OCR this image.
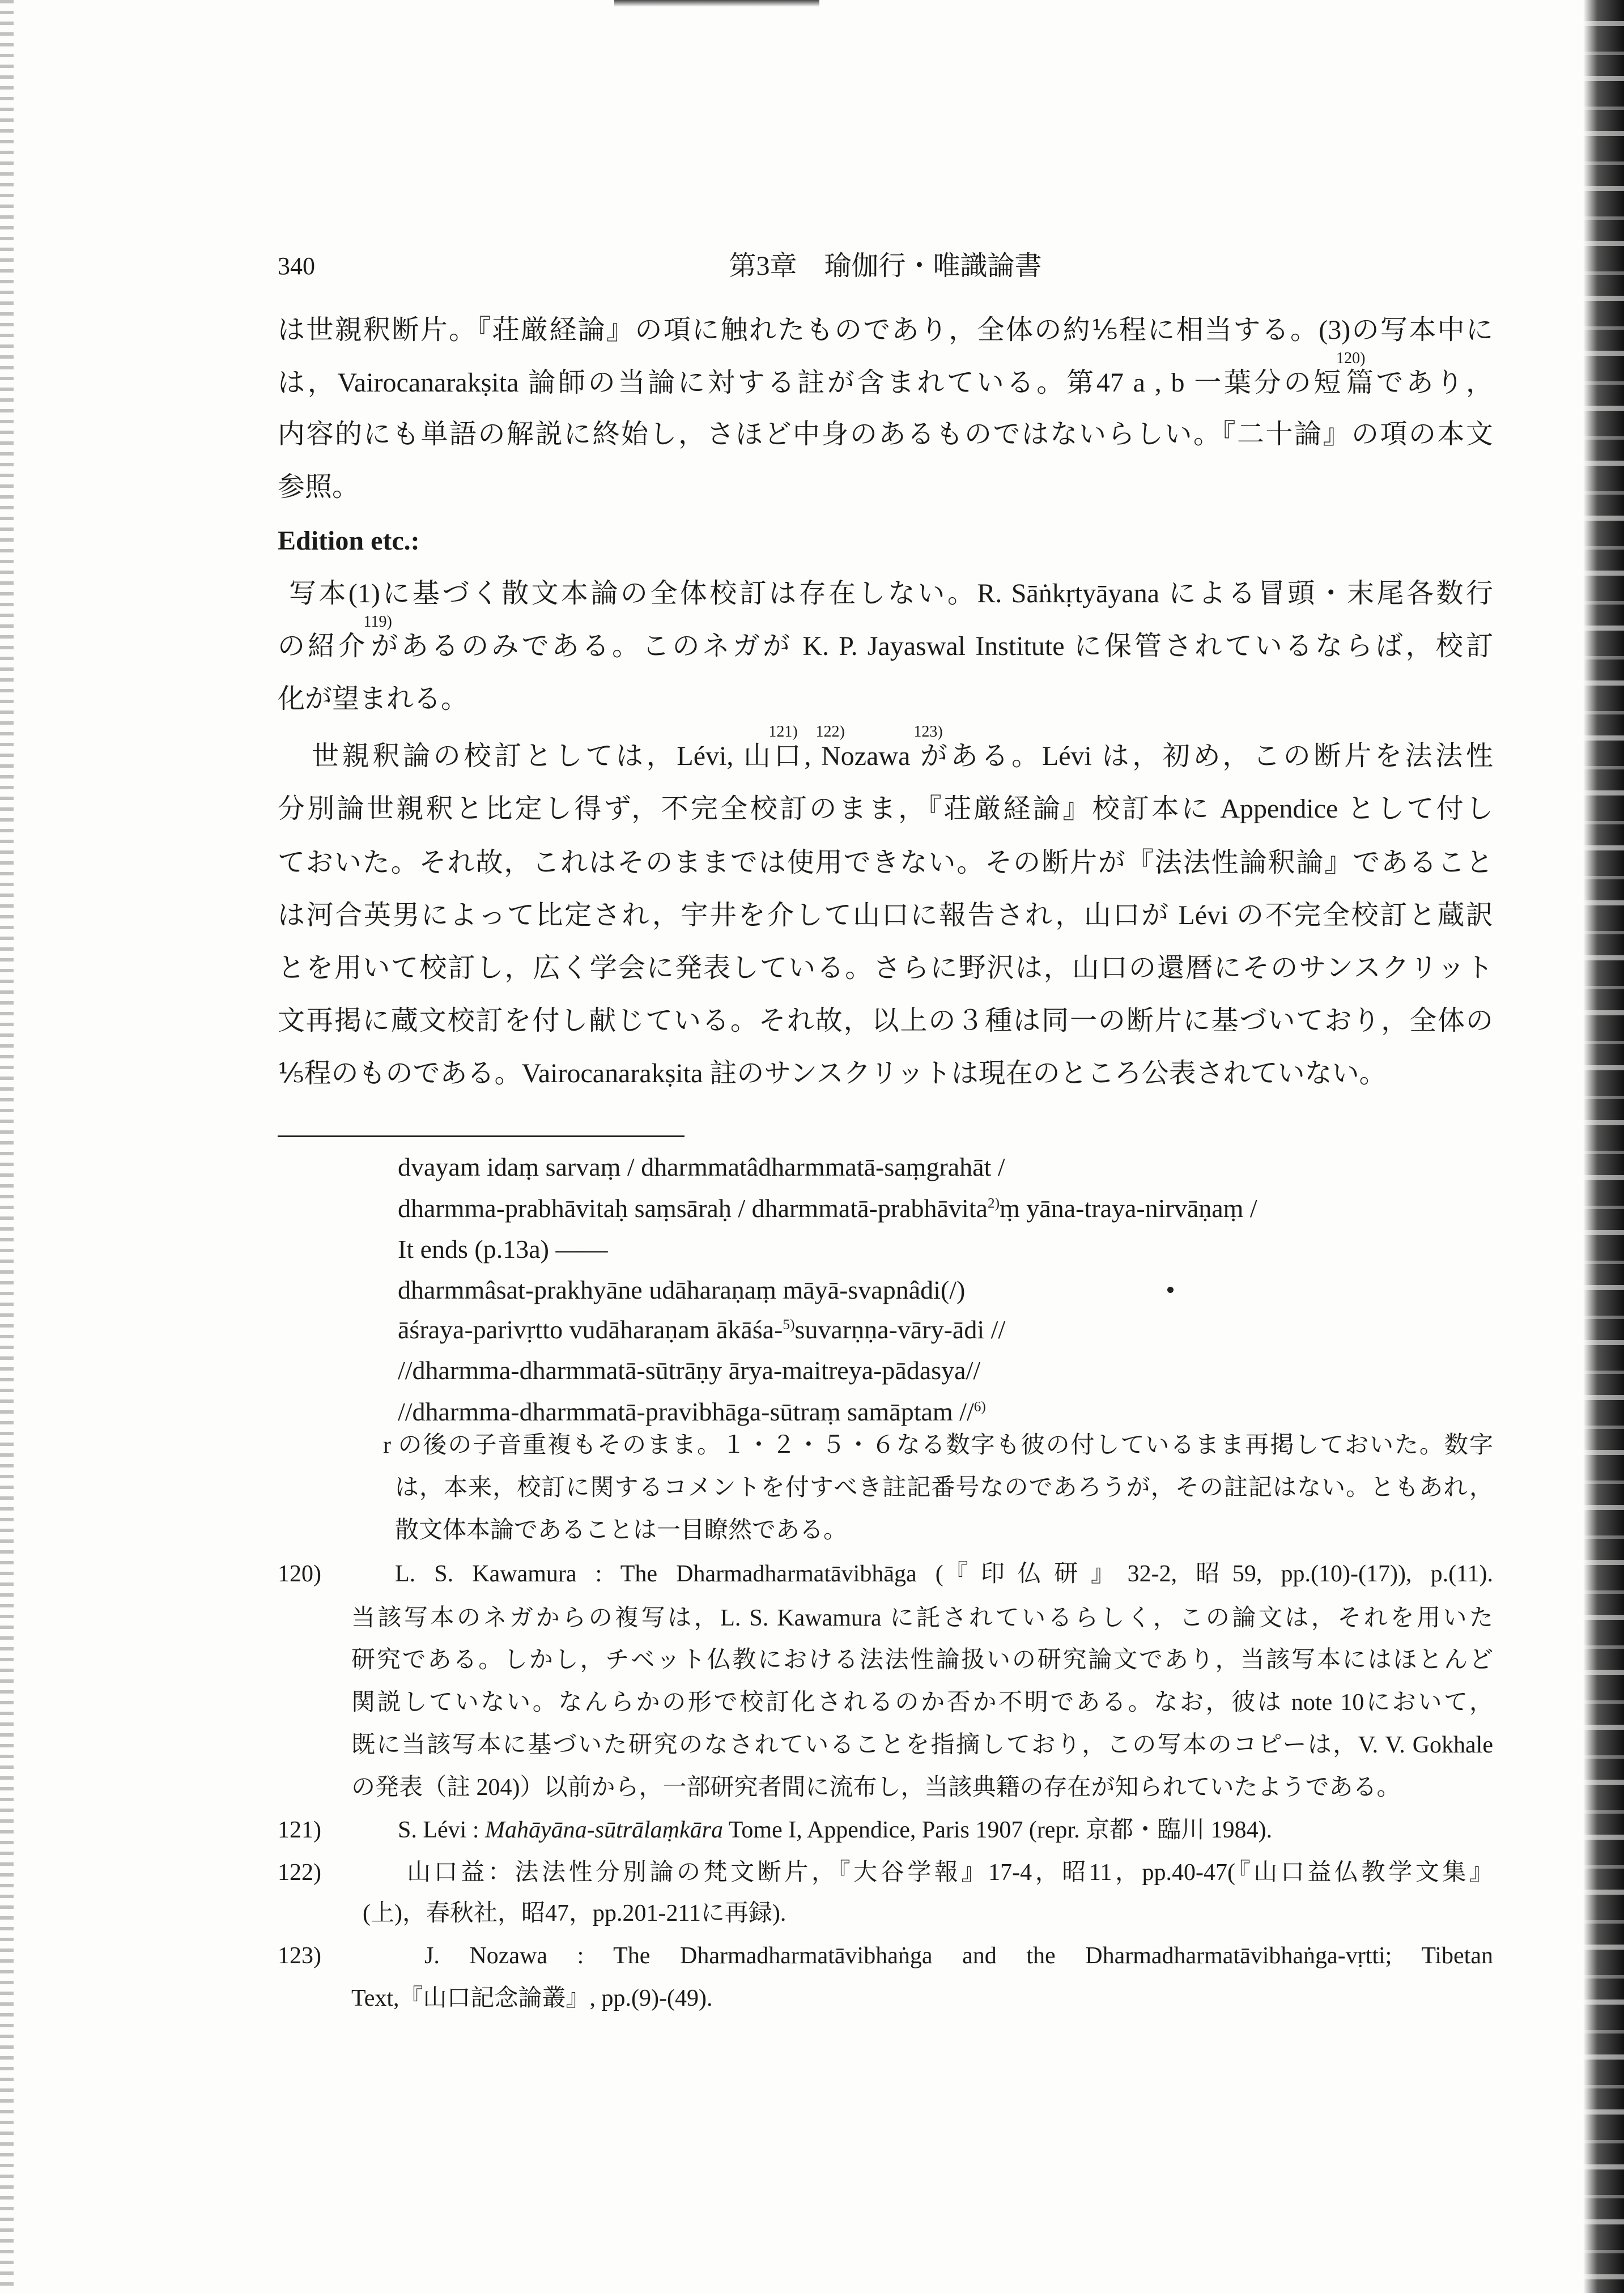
340	第3章　瑜伽行・唯識論書
は世親釈断片。『荘厳経論』の項に触れたものであり，全体の約⅕程に相当する。(3)の写本中に
は，Vairocanarakṣita 論師の当論に対する註が含まれている。第47 a , b 一葉分の短
120)
篇であり，
内容的にも単語の解説に終始し，さほど中身のあるものではないらしい。『二十論』の項の本文
参照。
Edition etc.:
写本(1)に基づく散文本論の全体校訂は存在しない。R. Sāṅkṛtyāyana による冒頭・末尾各数行
の紹介
119)
があるのみである。このネガが K. P. Jayaswal Institute に保管されているならば，校訂
化が望まれる。
世親釈論の校訂としては，Lévi,
121)
山口,
122)
Nozawa
123)
がある。Lévi は，初め，この断片を法法性
分別論世親釈と比定し得ず，不完全校訂のまま，『荘厳経論』校訂本に Appendice として付し
ておいた。それ故，これはそのままでは使用できない。その断片が『法法性論釈論』であること
は河合英男によって比定され，宇井を介して山口に報告され，山口が Lévi の不完全校訂と蔵訳
とを用いて校訂し，広く学会に発表している。さらに野沢は，山口の還暦にそのサンスクリット
文再掲に蔵文校訂を付し献じている。それ故，以上の３種は同一の断片に基づいており，全体の
⅕程のものである。Vairocanarakṣita 註のサンスクリットは現在のところ公表されていない。
dvayam idaṃ sarvaṃ / dharmmatâdharmmatā-saṃgrahāt /
dharmma-prabhāvitaḥ saṃsāraḥ / dharmmatā-prabhāvita$^{2)}$ṃ yāna-traya-nirvāṇaṃ /
It ends (p.13a) ——
dharmmâsat-prakhyāne udāharaṇaṃ māyā-svapnâdi(/)
āśraya-parivṛtto vudāharaṇam ākāśa-$^{5)}$suvarṇṇa-vāry-ādi //
//dharmma-dharmmatā-sūtrāṇy ārya-maitreya-pādasya//
//dharmma-dharmmatā-pravibhāga-sūtraṃ samāptam //$^{6)}$
r の後の子音重複もそのまま。１・２・５・６なる数字も彼の付しているまま再掲しておいた。数字
は，本来，校訂に関するコメントを付すべき註記番号なのであろうが，その註記はない。ともあれ，
散文体本論であることは一目瞭然である。
120)	L. S. Kawamura : The Dharmadharmatāvibhāga (『印仏研』32-2, 昭59, pp.(10)-(17)), p.(11).
当該写本のネガからの複写は，L. S. Kawamura に託されているらしく，この論文は，それを用いた
研究である。しかし，チベット仏教における法法性論扱いの研究論文であり，当該写本にはほとんど
関説していない。なんらかの形で校訂化されるのか否か不明である。なお，彼は note 10において，
既に当該写本に基づいた研究のなされていることを指摘しており，この写本のコピーは，V. V. Gokhale
の発表（註 204)）以前から，一部研究者間に流布し，当該典籍の存在が知られていたようである。
121)	S. Lévi : Mahāyāna-sūtrālaṃkāra Tome I, Appendice, Paris 1907 (repr. 京都・臨川 1984).
122)	山口益：法法性分別論の梵文断片，『大谷学報』17-4，昭11，pp.40-47(『山口益仏教学文集』
(上)，春秋社，昭47，pp.201-211に再録).
123)	J. Nozawa : The Dharmadharmatāvibhaṅga and the Dharmadharmatāvibhaṅga-vṛtti; Tibetan
Text,『山口記念論叢』, pp.(9)-(49).
